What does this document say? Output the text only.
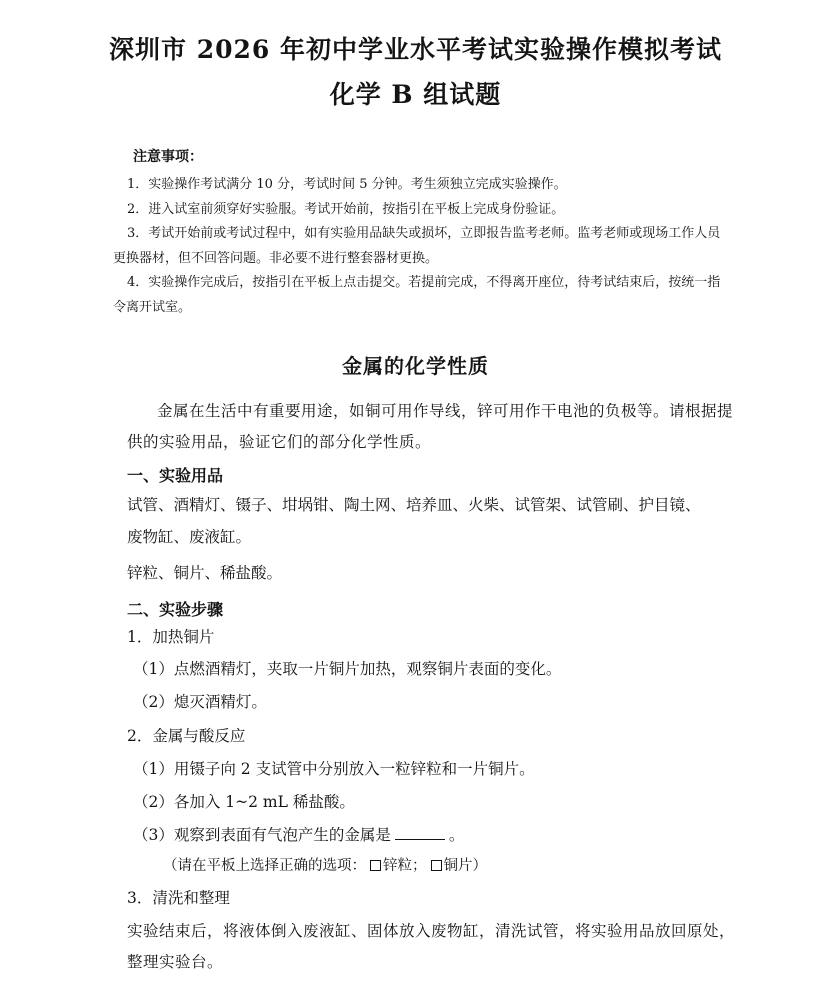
深圳市 2026 年初中学业水平考试实验操作模拟考试
化学 B 组试题
注意事项：
1．实验操作考试满分 10 分，考试时间 5 分钟。考生须独立完成实验操作。
2．进入试室前须穿好实验服。考试开始前，按指引在平板上完成身份验证。
3．考试开始前或考试过程中，如有实验用品缺失或损坏，立即报告监考老师。监考老师或现场工作人员更换器材，但不回答问题。非必要不进行整套器材更换。
4．实验操作完成后，按指引在平板上点击提交。若提前完成，不得离开座位，待考试结束后，按统一指令离开试室。
金属的化学性质
金属在生活中有重要用途，如铜可用作导线，锌可用作干电池的负极等。请根据提供的实验用品，验证它们的部分化学性质。
一、实验用品
试管、酒精灯、镊子、坩埚钳、陶土网、培养皿、火柴、试管架、试管刷、护目镜、
废物缸、废液缸。
锌粒、铜片、稀盐酸。
二、实验步骤
1．加热铜片
（1）点燃酒精灯，夹取一片铜片加热，观察铜片表面的变化。
（2）熄灭酒精灯。
2．金属与酸反应
（1）用镊子向 2 支试管中分别放入一粒锌粒和一片铜片。
（2）各加入 1~2 mL 稀盐酸。
（3）观察到表面有气泡产生的金属是	。
（请在平板上选择正确的选项： 锌粒； 铜片）
3．清洗和整理
实验结束后，将液体倒入废液缸、固体放入废物缸，清洗试管，将实验用品放回原处，整理实验台。
